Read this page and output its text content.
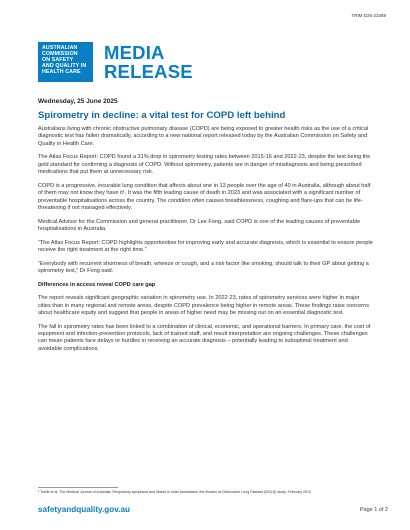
TRIM D25-23369
AUSTRALIAN
COMMISSION
ON SAFETY
AND QUALITY IN
HEALTH CARE
MEDIA
RELEASE
Wednesday, 25 June 2025
Spirometry in decline: a vital test for COPD left behind

Australians living with chronic obstructive pulmonary disease (COPD) are being exposed to greater health risks as the use of a critical diagnostic test has fallen dramatically, according to a new national report released today by the Australian Commission on Safety and Quality in Health Care.

The Atlas Focus Report: COPD found a 31% drop in spirometry testing rates between 2015-16 and 2022-23, despite the test being the gold standard for confirming a diagnosis of COPD. Without spirometry, patients are in danger of misdiagnosis and being prescribed medications that put them at unnecessary risk.

COPD is a progressive, incurable lung condition that affects about one in 13 people over the age of 40 in Australia, although about half of them may not know they have it¹. It was the fifth leading cause of death in 2023 and was associated with a significant number of preventable hospitalisations across the country. The condition often causes breathlessness, coughing and flare-ups that can be life-threatening if not managed effectively.

Medical Advisor for the Commission and general practitioner, Dr Lee Fong, said COPD is one of the leading causes of preventable hospitalisations in Australia.

“The Atlas Focus Report: COPD highlights opportunities for improving early and accurate diagnosis, which is essential to ensure people receive the right treatment at the right time.”

“Everybody with recurrent shortness of breath, wheeze or cough, and a risk factor like smoking, should talk to their GP about getting a spirometry test,” Dr Fong said.

Differences in access reveal COPD care gap

The report reveals significant geographic variation in spirometry use. In 2022-23, rates of spirometry services were higher in major cities than in many regional and remote areas, despite COPD prevalence being higher in remote areas. These findings raise concerns about healthcare equity and suggest that people in areas of higher need may be missing out on an essential diagnostic test.

The fall in spirometry rates has been linked to a combination of clinical, economic, and operational barriers. In primary care, the cost of equipment and infection-prevention protocols, lack of trained staff, and result interpretation are ongoing challenges. These challenges can mean patients face delays or hurdles in receiving an accurate diagnosis – potentially leading to suboptimal treatment and avoidable complications.

¹ Toelle et al. The Medical Journal of Australia, Respiratory symptoms and illness in older Australians: the Burden of Obstructive Lung Disease (BOLD) study, February 2013
safetyandquality.gov.au	Page 1 of 2
